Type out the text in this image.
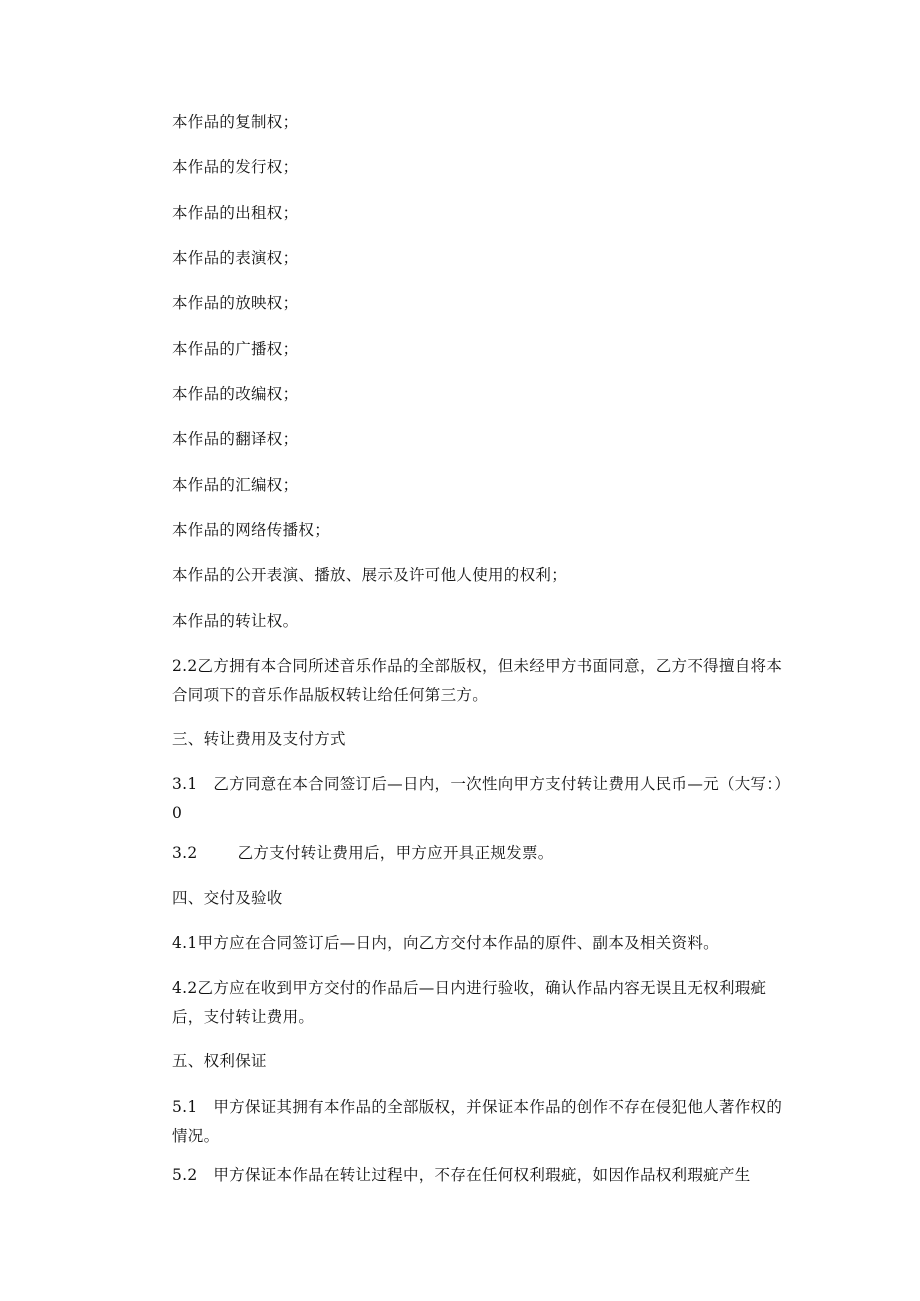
本作品的复制权；
本作品的发行权；
本作品的出租权；
本作品的表演权；
本作品的放映权；
本作品的广播权；
本作品的改编权；
本作品的翻译权；
本作品的汇编权；
本作品的网络传播权；
本作品的公开表演、播放、展示及许可他人使用的权利；
本作品的转让权。
2.2乙方拥有本合同所述音乐作品的全部版权，但未经甲方书面同意，乙方不得擅自将本合同项下的音乐作品版权转让给任何第三方。
三、转让费用及支付方式
3.1　乙方同意在本合同签订后—日内，一次性向甲方支付转让费用人民币—元（大写：）0
3.2	乙方支付转让费用后，甲方应开具正规发票。
四、交付及验收
4.1甲方应在合同签订后—日内，向乙方交付本作品的原件、副本及相关资料。
4.2乙方应在收到甲方交付的作品后—日内进行验收，确认作品内容无误且无权利瑕疵后，支付转让费用。
五、权利保证
5.1　甲方保证其拥有本作品的全部版权，并保证本作品的创作不存在侵犯他人著作权的情况。
5.2　甲方保证本作品在转让过程中，不存在任何权利瑕疵，如因作品权利瑕疵产生
